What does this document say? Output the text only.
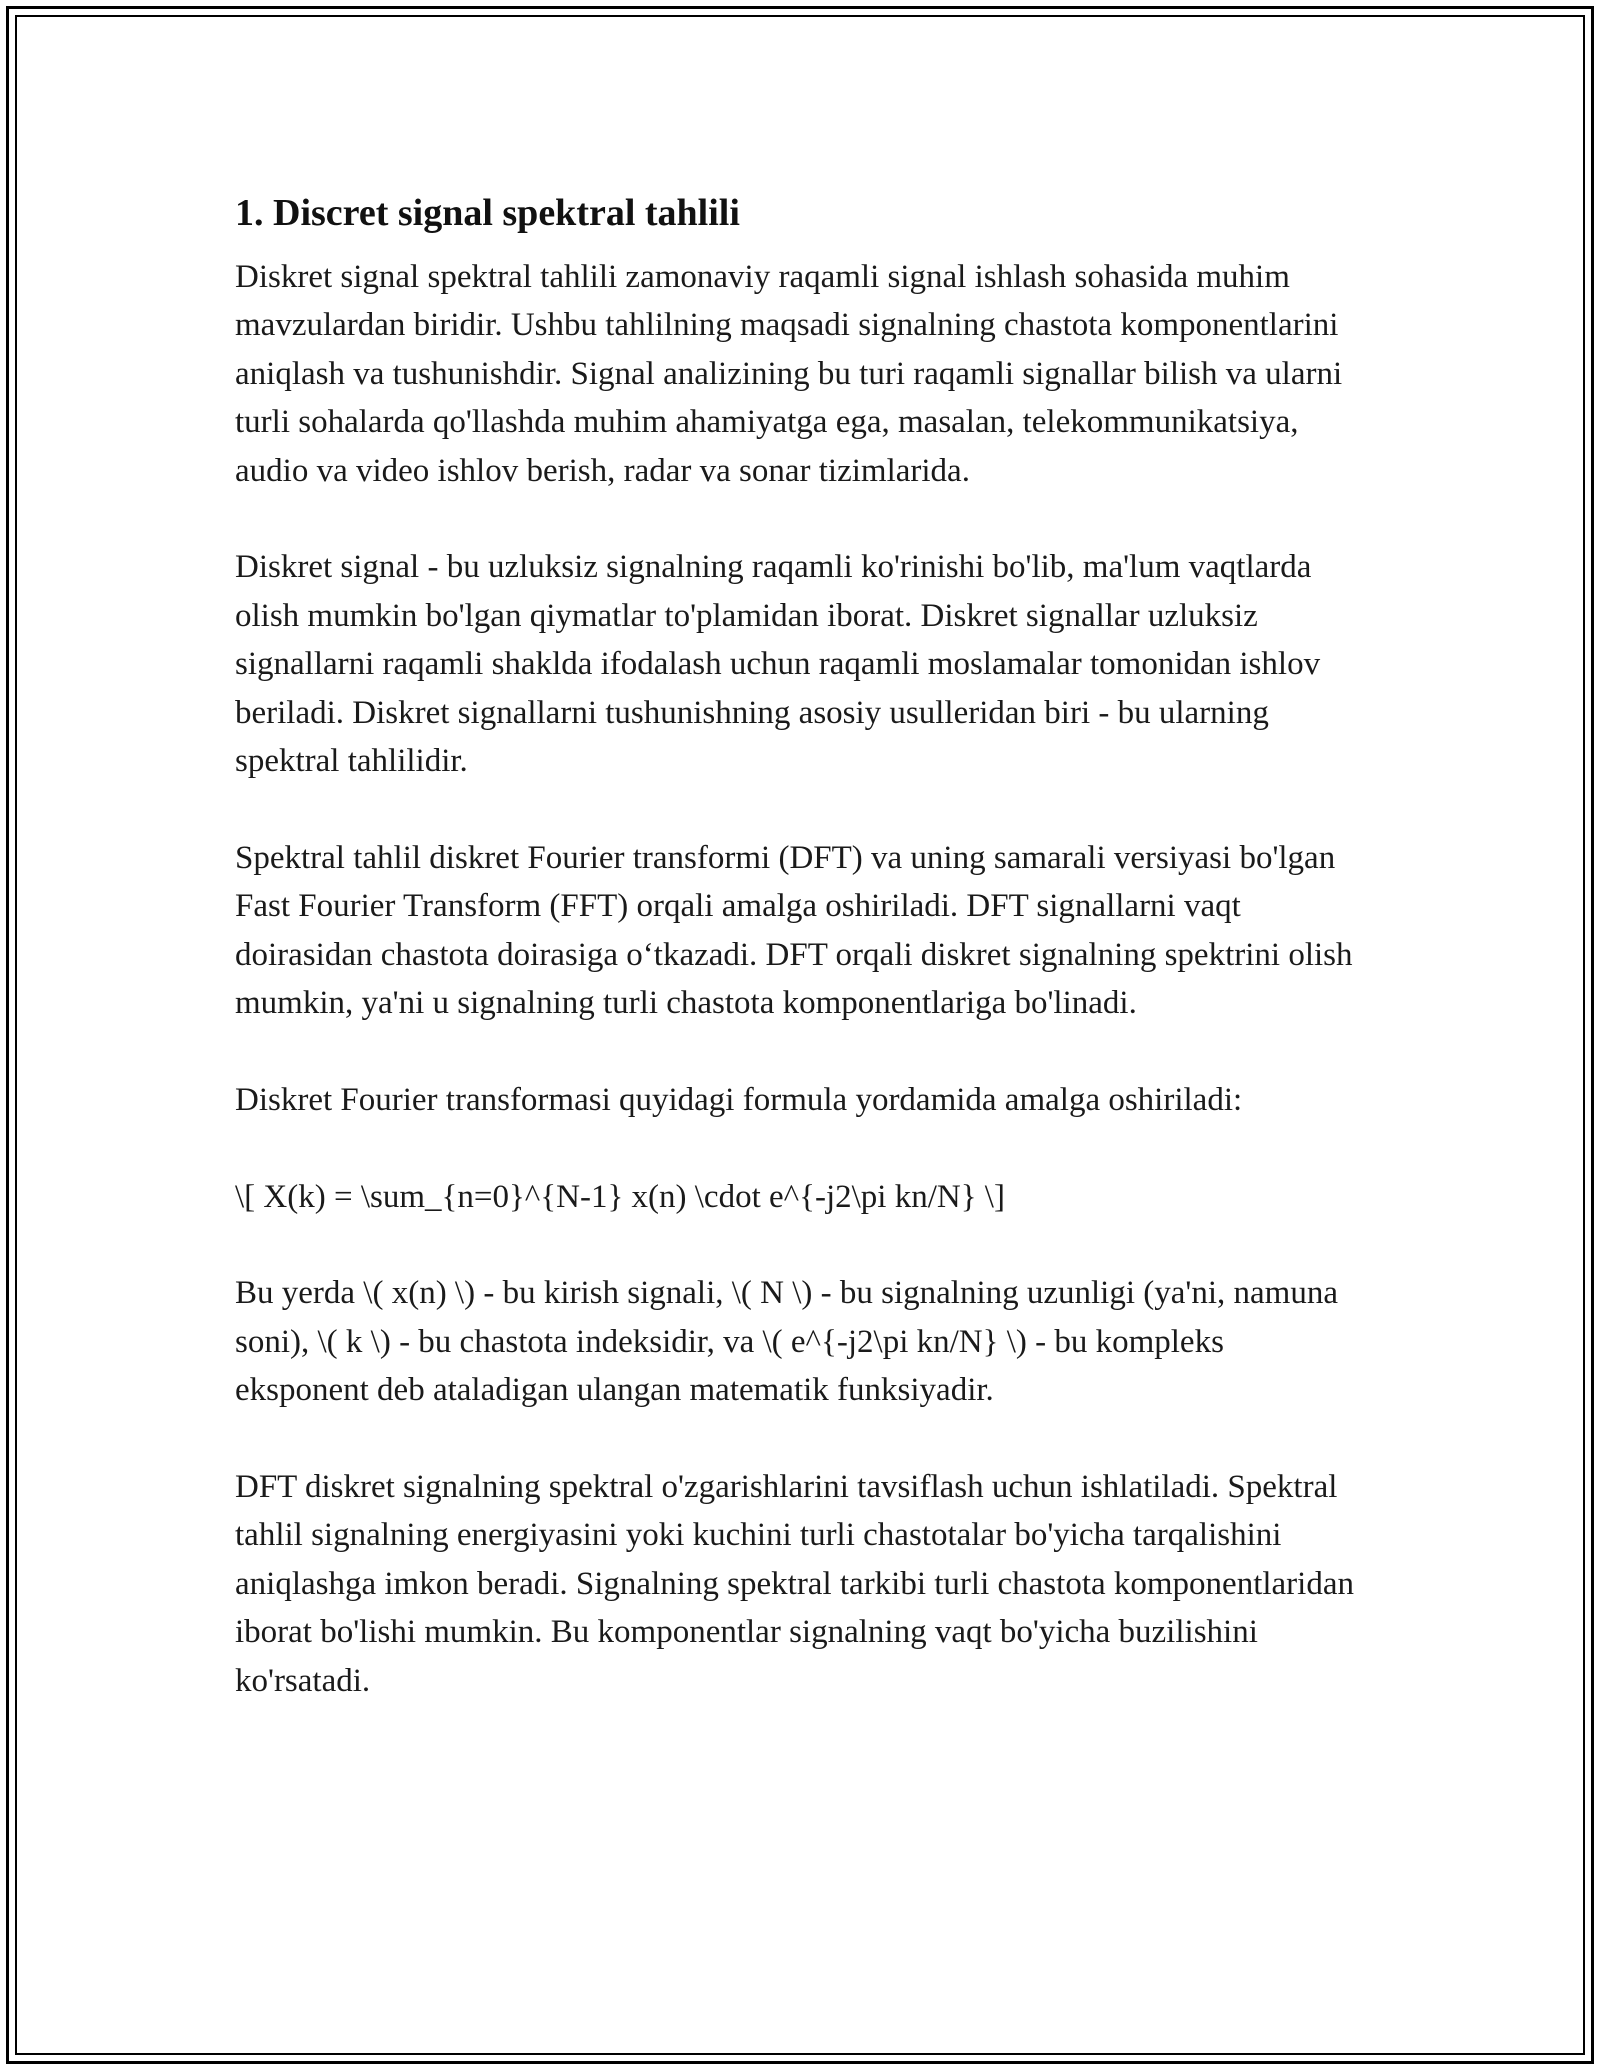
1. Discret signal spektral tahlili

Diskret signal spektral tahlili zamonaviy raqamli signal ishlash sohasida muhim mavzulardan biridir. Ushbu tahlilning maqsadi signalning chastota komponentlarini aniqlash va tushunishdir. Signal analizining bu turi raqamli signallar bilish va ularni turli sohalarda qo'llashda muhim ahamiyatga ega, masalan, telekommunikatsiya, audio va video ishlov berish, radar va sonar tizimlarida.

Diskret signal - bu uzluksiz signalning raqamli ko'rinishi bo'lib, ma'lum vaqtlarda olish mumkin bo'lgan qiymatlar to'plamidan iborat. Diskret signallar uzluksiz signallarni raqamli shaklda ifodalash uchun raqamli moslamalar tomonidan ishlov beriladi. Diskret signallarni tushunishning asosiy usulleridan biri - bu ularning spektral tahlilidir.

Spektral tahlil diskret Fourier transformi (DFT) va uning samarali versiyasi bo'lgan Fast Fourier Transform (FFT) orqali amalga oshiriladi. DFT signallarni vaqt doirasidan chastota doirasiga o‘tkazadi. DFT orqali diskret signalning spektrini olish mumkin, ya'ni u signalning turli chastota komponentlariga bo'linadi.

Diskret Fourier transformasi quyidagi formula yordamida amalga oshiriladi:

\[ X(k) = \sum_{n=0}^{N-1} x(n) \cdot e^{-j2\pi kn/N} \]

Bu yerda \( x(n) \) - bu kirish signali, \( N \) - bu signalning uzunligi (ya'ni, namuna soni), \( k \) - bu chastota indeksidir, va \( e^{-j2\pi kn/N} \) - bu kompleks eksponent deb ataladigan ulangan matematik funksiyadir.

DFT diskret signalning spektral o'zgarishlarini tavsiflash uchun ishlatiladi. Spektral tahlil signalning energiyasini yoki kuchini turli chastotalar bo'yicha tarqalishini aniqlashga imkon beradi. Signalning spektral tarkibi turli chastota komponentlaridan iborat bo'lishi mumkin. Bu komponentlar signalning vaqt bo'yicha buzilishini ko'rsatadi.
